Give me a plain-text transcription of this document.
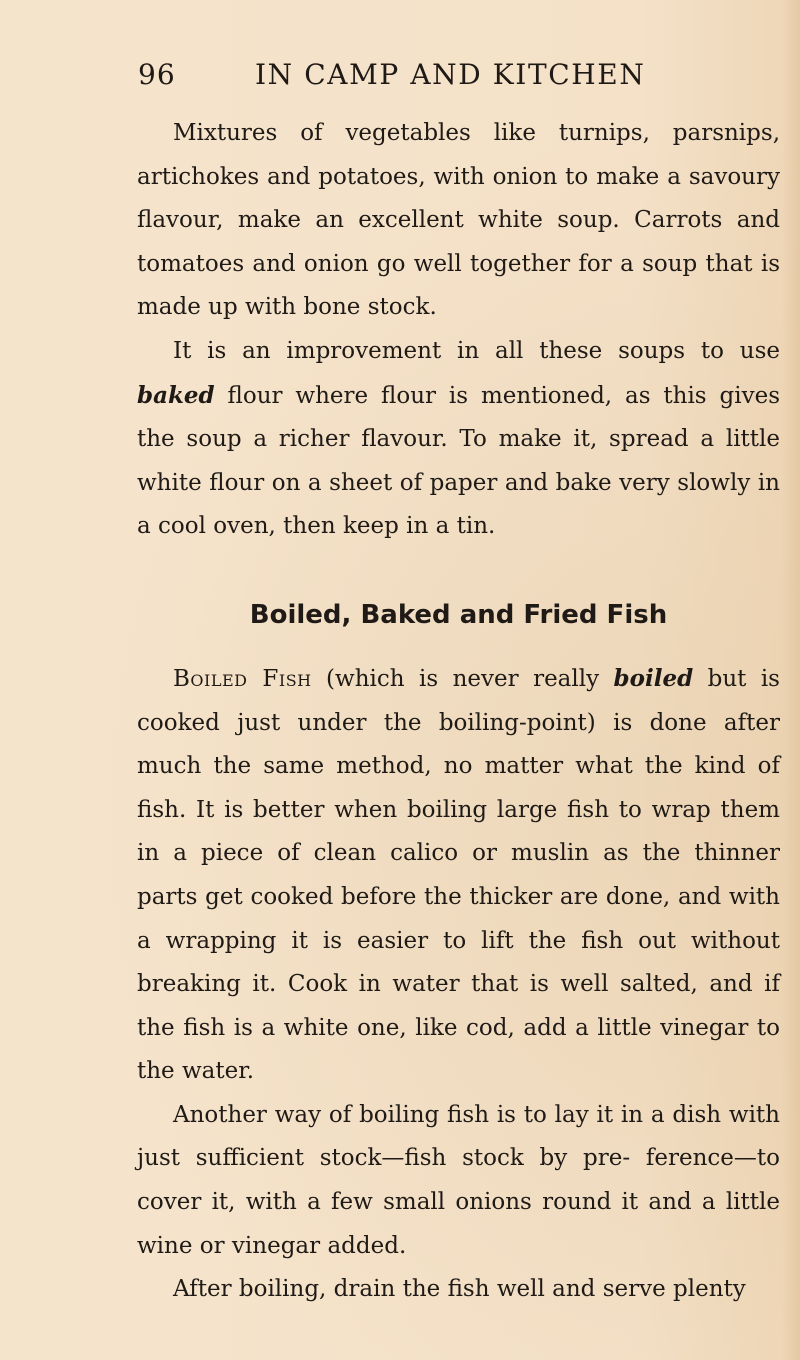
96	IN CAMP AND KITCHEN

Mixtures of vegetables like turnips, parsnips, artichokes and potatoes, with onion to make a savoury flavour, make an excellent white soup. Carrots and tomatoes and onion go well together for a soup that is made up with bone stock.

It is an improvement in all these soups to use baked flour where flour is mentioned, as this gives the soup a richer flavour. To make it, spread a little white flour on a sheet of paper and bake very slowly in a cool oven, then keep in a tin.

Boiled, Baked and Fried Fish

Boiled Fish (which is never really boiled but is cooked just under the boiling-point) is done after much the same method, no matter what the kind of fish. It is better when boiling large fish to wrap them in a piece of clean calico or muslin as the thinner parts get cooked before the thicker are done, and with a wrapping it is easier to lift the fish out without breaking it. Cook in water that is well salted, and if the fish is a white one, like cod, add a little vinegar to the water.

Another way of boiling fish is to lay it in a dish with just sufficient stock—fish stock by pre- ference—to cover it, with a few small onions round it and a little wine or vinegar added.

After boiling, drain the fish well and serve plenty
